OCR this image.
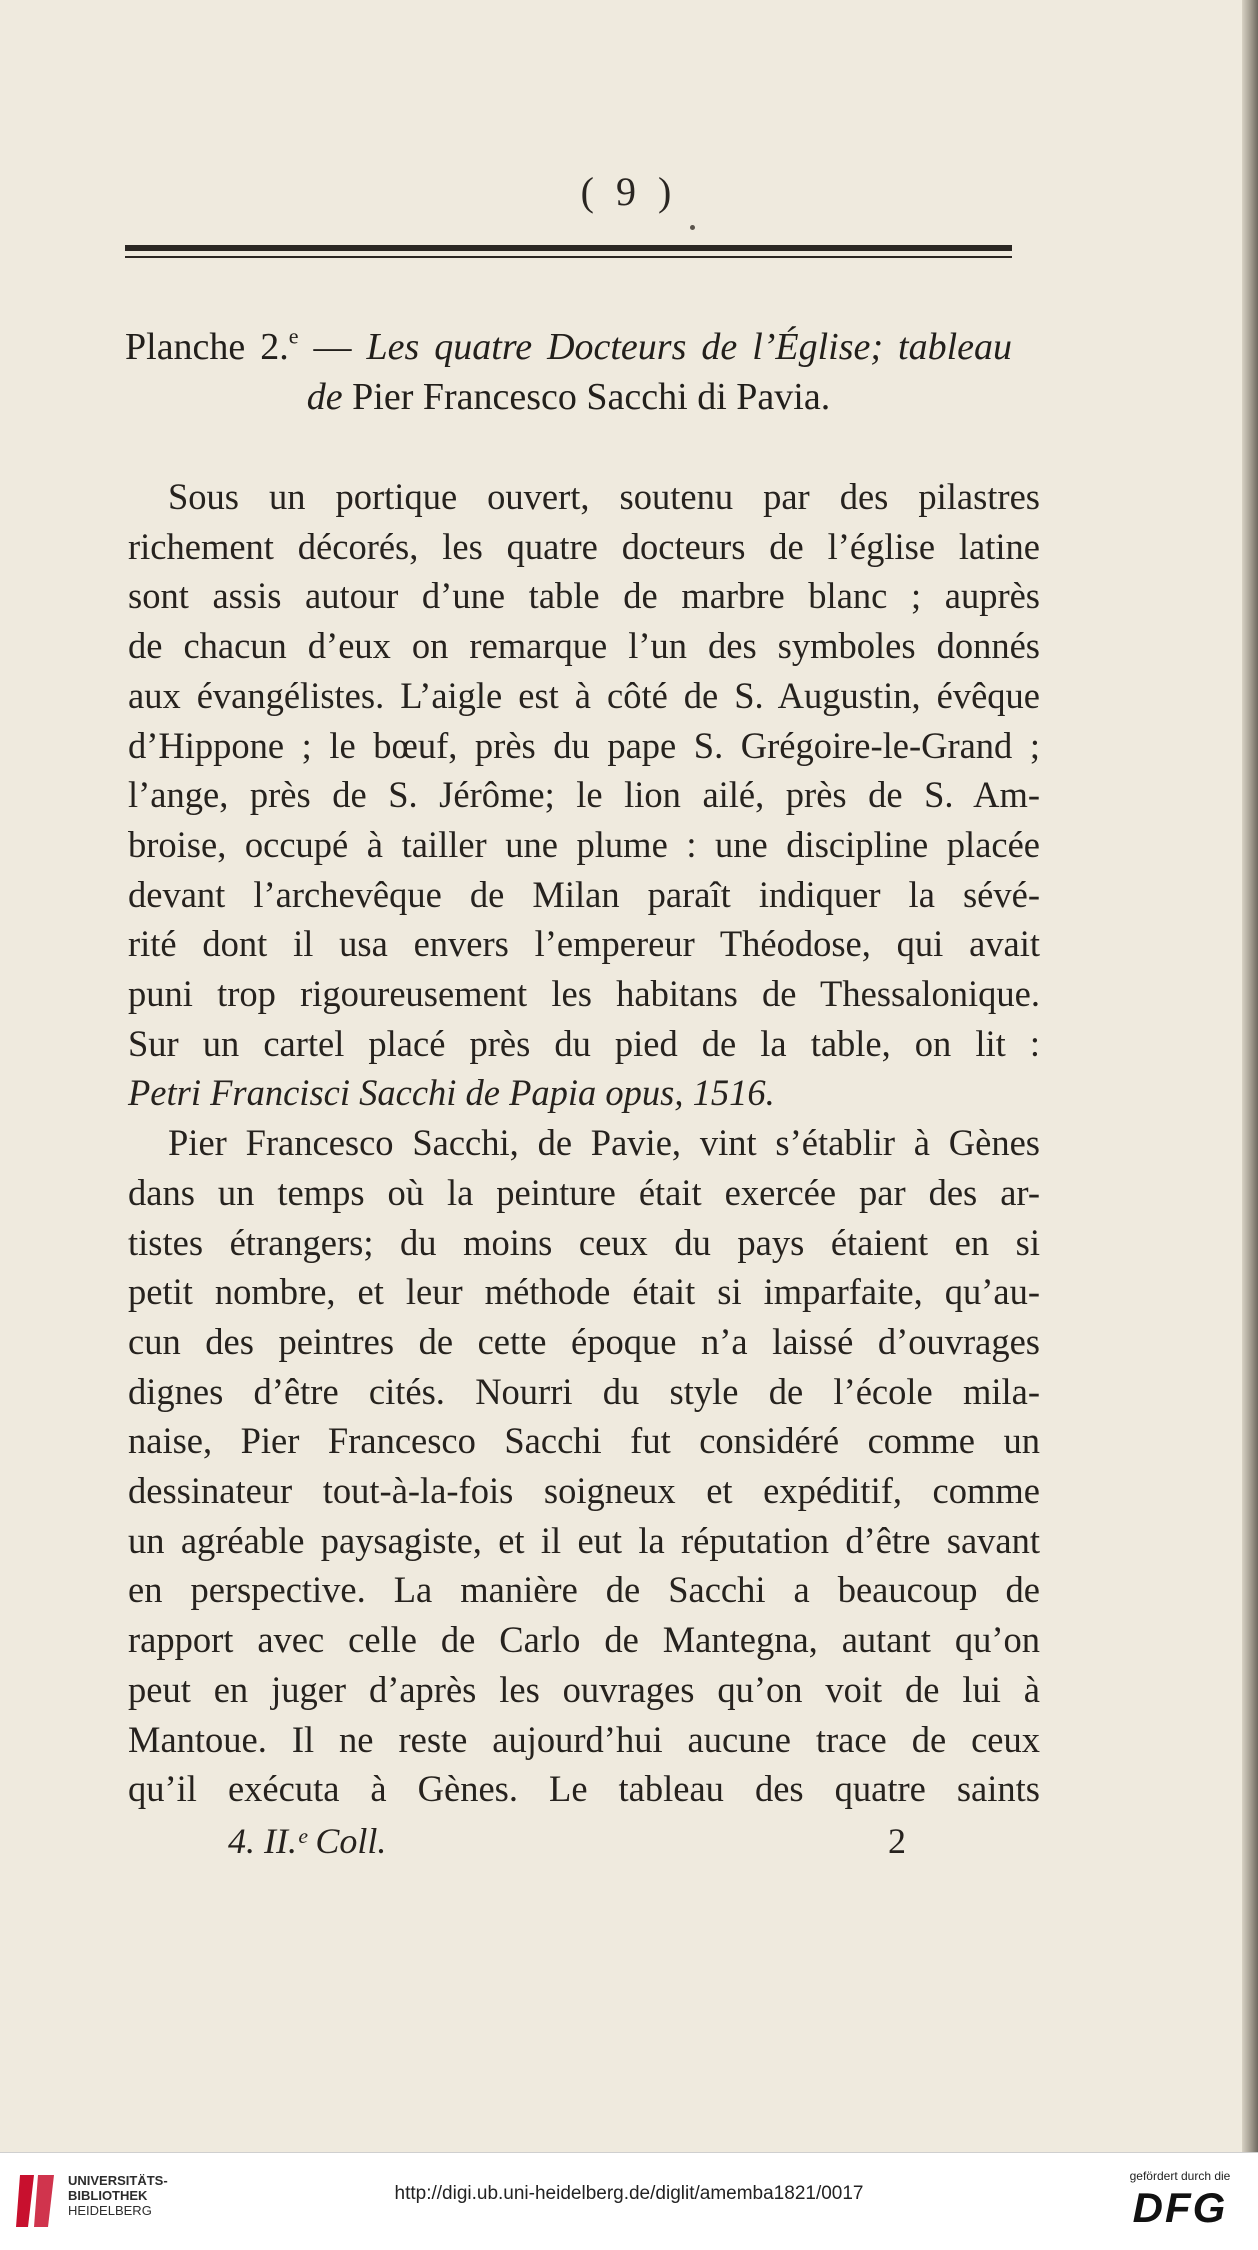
( 9 )
Planche 2.$^e$ — Les quatre Docteurs de l’Église; tableau
de Pier Francesco Sacchi di Pavia.
Sous un portique ouvert, soutenu par des pilastres
richement décorés, les quatre docteurs de l’église latine
sont assis autour d’une table de marbre blanc ; auprès
de chacun d’eux on remarque l’un des symboles donnés
aux évangélistes. L’aigle est à côté de S. Augustin, évêque
d’Hippone ; le bœuf, près du pape S. Grégoire-le-Grand ;
l’ange, près de S. Jérôme; le lion ailé, près de S. Am-
broise, occupé à tailler une plume : une discipline placée
devant l’archevêque de Milan paraît indiquer la sévé-
rité dont il usa envers l’empereur Théodose, qui avait
puni trop rigoureusement les habitans de Thessalonique.
Sur un cartel placé près du pied de la table, on lit :
Petri Francisci Sacchi de Papia opus, 1516.
Pier Francesco Sacchi, de Pavie, vint s’établir à Gènes
dans un temps où la peinture était exercée par des ar-
tistes étrangers; du moins ceux du pays étaient en si
petit nombre, et leur méthode était si imparfaite, qu’au-
cun des peintres de cette époque n’a laissé d’ouvrages
dignes d’être cités. Nourri du style de l’école mila-
naise, Pier Francesco Sacchi fut considéré comme un
dessinateur tout-à-la-fois soigneux et expéditif, comme
un agréable paysagiste, et il eut la réputation d’être savant
en perspective. La manière de Sacchi a beaucoup de
rapport avec celle de Carlo de Mantegna, autant qu’on
peut en juger d’après les ouvrages qu’on voit de lui à
Mantoue. Il ne reste aujourd’hui aucune trace de ceux
qu’il exécuta à Gènes. Le tableau des quatre saints
4. II.ᵉ Coll.	2
UNIVERSITÄTS-
BIBLIOTHEK
HEIDELBERG
http://digi.ub.uni-heidelberg.de/diglit/amemba1821/0017
gefördert durch die
DFG
